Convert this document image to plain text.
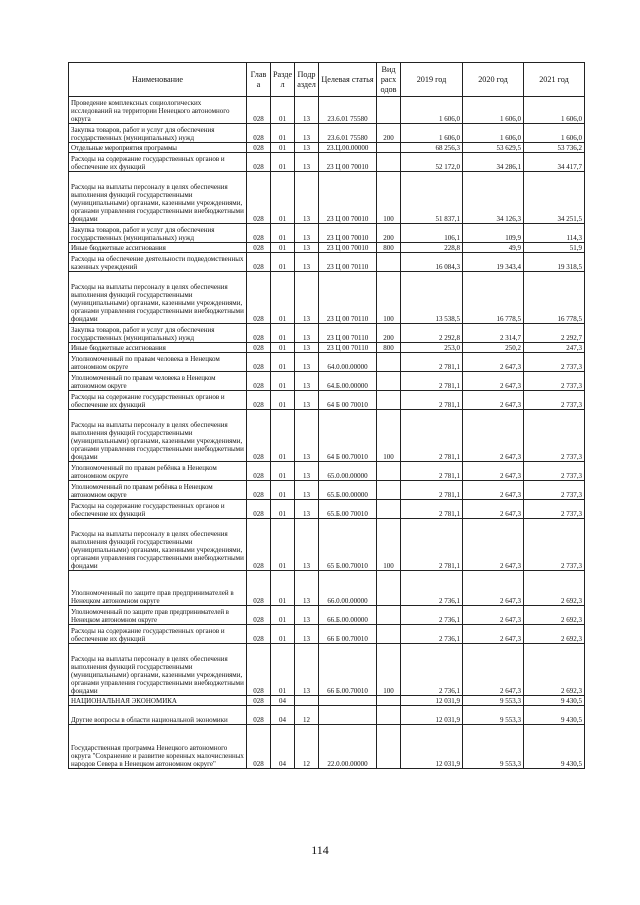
Наименование	Глав а	Разде л	Подр аздел	Целевая статья	Вид расх одов	2019 год	2020 год	2021 год
Проведение комплексных социологических исследований на территории Ненецкого автономного округа	028	01	13	23.6.01 75580		1 606,0	1 606,0	1 606,0
Закупка товаров, работ и услуг для обеспечения государственных (муниципальных) нужд	028	01	13	23.6.01 75580	200	1 606,0	1 606,0	1 606,0
Отдельные мероприятия программы	028	01	13	23.Ц.00.00000		68 256,3	53 629,5	53 736,2
Расходы на содержание государственных органов и обеспечение их функций	028	01	13	23 Ц 00 70010		52 172,0	34 286,1	34 417,7
Расходы на выплаты персоналу в целях обеспечения выполнения функций государственными (муниципальными) органами, казенными учреждениями, органами управления государственными внебюджетными фондами	028	01	13	23 Ц 00 70010	100	51 837,1	34 126,3	34 251,5
Закупка товаров, работ и услуг для обеспечения государственных (муниципальных) нужд	028	01	13	23 Ц 00 70010	200	106,1	109,9	114,3
Иные бюджетные ассигнования	028	01	13	23 Ц 00 70010	800	228,8	49,9	51,9
Расходы на обеспечение деятельности подведомственных казенных учреждений	028	01	13	23 Ц 00 70110		16 084,3	19 343,4	19 318,5
Расходы на выплаты персоналу в целях обеспечения выполнения функций государственными (муниципальными) органами, казенными учреждениями, органами управления государственными внебюджетными фондами	028	01	13	23 Ц 00 70110	100	13 538,5	16 778,5	16 778,5
Закупка товаров, работ и услуг для обеспечения государственных (муниципальных) нужд	028	01	13	23 Ц 00 70110	200	2 292,8	2 314,7	2 292,7
Иные бюджетные ассигнования	028	01	13	23 Ц 00 70110	800	253,0	250,2	247,3
Уполномоченный по правам человека в Ненецком автономном округе	028	01	13	64.0.00.00000		2 781,1	2 647,3	2 737,3
Уполномоченный по правам человека в Ненецком автономном округе	028	01	13	64.Б.00.00000		2 781,1	2 647,3	2 737,3
Расходы на содержание государственных органов и обеспечение их функций	028	01	13	64 Б 00 70010		2 781,1	2 647,3	2 737,3
Расходы на выплаты персоналу в целях обеспечения выполнения функций государственными (муниципальными) органами, казенными учреждениями, органами управления государственными внебюджетными фондами	028	01	13	64 Б 00.70010	100	2 781,1	2 647,3	2 737,3
Уполномоченный по правам ребёнка в Ненецком автономном округе	028	01	13	65.0.00.00000		2 781,1	2 647,3	2 737,3
Уполномоченный по правам ребёнка в Ненецком автономном округе	028	01	13	65.Б.00.00000		2 781,1	2 647,3	2 737,3
Расходы на содержание государственных органов и обеспечение их функций	028	01	13	65.Б.00 70010		2 781,1	2 647,3	2 737,3
Расходы на выплаты персоналу в целях обеспечения выполнения функций государственными (муниципальными) органами, казенными учреждениями, органами управления государственными внебюджетными фондами	028	01	13	65 Б.00.70010	100	2 781,1	2 647,3	2 737,3
Уполномоченный по защите прав предпринимателей в Ненецком автономном округе	028	01	13	66.0.00.00000		2 736,1	2 647,3	2 692,3
Уполномоченный по защите прав предпринимателей в Ненецком автономном округе	028	01	13	66.Б.00.00000		2 736,1	2 647,3	2 692,3
Расходы на содержание государственных органов и обеспечение их функций	028	01	13	66 Б 00.70010		2 736,1	2 647,3	2 692,3
Расходы на выплаты персоналу в целях обеспечения выполнения функций государственными (муниципальными) органами, казенными учреждениями, органами управления государственными внебюджетными фондами	028	01	13	66 Б.00.70010	100	2 736,1	2 647,3	2 692,3
НАЦИОНАЛЬНАЯ ЭКОНОМИКА	028	04				12 031,9	9 553,3	9 430,5
Другие вопросы в области национальной экономики	028	04	12			12 031,9	9 553,3	9 430,5
Государственная программа Ненецкого автономного округа "Сохранение и развитие коренных малочисленных народов Севера в Ненецком автономном округе"	028	04	12	22.0.00.00000		12 031,9	9 553,3	9 430,5
114
